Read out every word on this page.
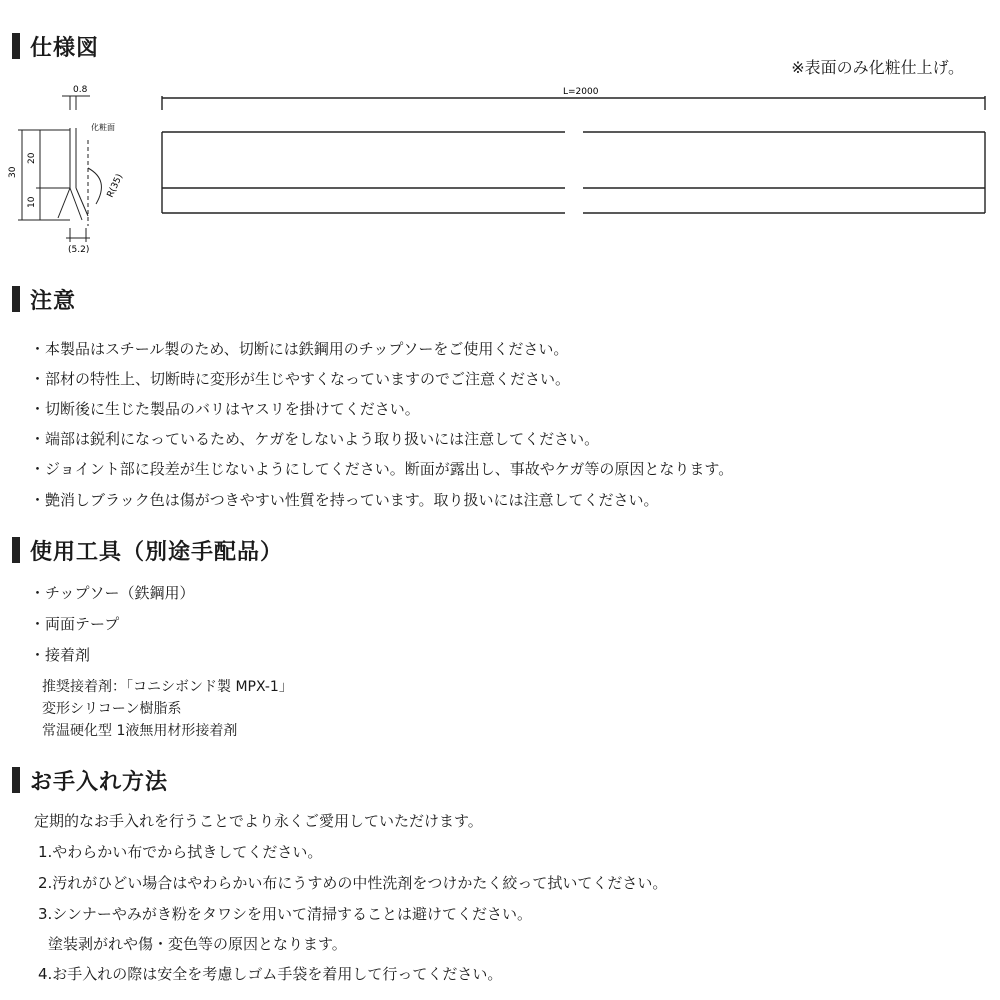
仕様図
※表面のみ化粧仕上げ。
0.8
化粧面
30
20
10
R(35)
(5.2)
L=2000
注意
・本製品はスチール製のため、切断には鉄鋼用のチップソーをご使用ください。
・部材の特性上、切断時に変形が生じやすくなっていますのでご注意ください。
・切断後に生じた製品のバリはヤスリを掛けてください。
・端部は鋭利になっているため、ケガをしないよう取り扱いには注意してください。
・ジョイント部に段差が生じないようにしてください。断面が露出し、事故やケガ等の原因となります。
・艶消しブラック色は傷がつきやすい性質を持っています。取り扱いには注意してください。
使用工具（別途手配品）
・チップソー（鉄鋼用）
・両面テープ
・接着剤
推奨接着剤：「コニシボンド製 MPX-1」
変形シリコーン樹脂系
常温硬化型 1液無用材形接着剤
お手入れ方法
定期的なお手入れを行うことでより永くご愛用していただけます。
1.やわらかい布でから拭きしてください。
2.汚れがひどい場合はやわらかい布にうすめの中性洗剤をつけかたく絞って拭いてください。
3.シンナーやみがき粉をタワシを用いて清掃することは避けてください。
塗装剥がれや傷・変色等の原因となります。
4.お手入れの際は安全を考慮しゴム手袋を着用して行ってください。
